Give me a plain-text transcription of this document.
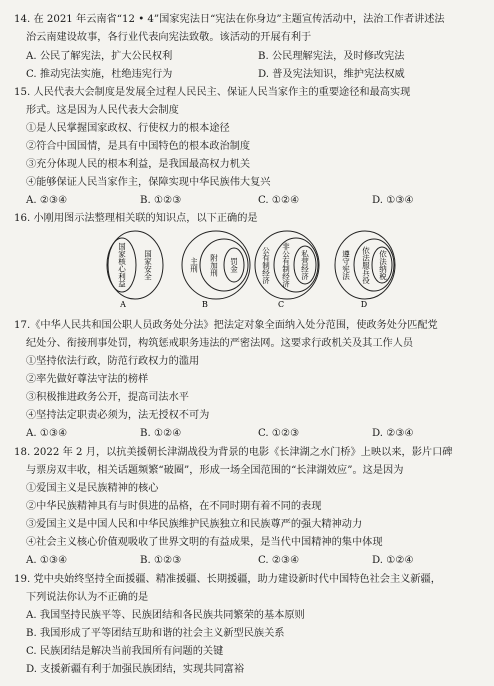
14. 在 2021 年云南省“12 • 4”国家宪法日“宪法在你身边”主题宣传活动中，法治工作者讲述法
治云南建设故事，各行业代表向宪法致敬。该活动的开展有利于
A. 公民了解宪法，扩大公民权利	B. 公民理解宪法，及时修改宪法
C. 推动宪法实施，杜绝违宪行为	D. 普及宪法知识，维护宪法权威
15. 人民代表大会制度是发展全过程人民民主、保证人民当家作主的重要途径和最高实现
形式。这是因为人民代表大会制度
①是人民掌握国家政权、行使权力的根本途径
②符合中国国情，是具有中国特色的根本政治制度
③充分体现人民的根本利益，是我国最高权力机关
④能够保证人民当家作主，保障实现中华民族伟大复兴
A. ②③④	B. ①②③	C. ①②④	D. ①③④
16. 小刚用图示法整理相关联的知识点，以下正确的是
国家安全
国家核心利益
A
主刑 附加刑 罚金
B
公有制经济 非公有制经济 私营经济
C
遵守宪法 依法服兵役 依法纳税
D
17.《中华人民共和国公职人员政务处分法》把法定对象全面纳入处分范围，使政务处分匹配党
纪处分、衔接刑事处罚，构筑惩戒职务违法的严密法网。这要求行政机关及其工作人员
①坚持依法行政，防范行政权力的滥用
②率先做好尊法守法的榜样
③积极推进政务公开，提高司法水平
④坚持法定职责必须为，法无授权不可为
A. ①③④	B. ①②④	C. ①②③	D. ②③④
18. 2022 年 2 月，以抗美援朝长津湖战役为背景的电影《长津湖之水门桥》上映以来，影片口碑
与票房双丰收，相关话题频繁“破圈”，形成一场全国范围的“长津湖效应”。这是因为
①爱国主义是民族精神的核心
②中华民族精神具有与时俱进的品格，在不同时期有着不同的表现
③爱国主义是中国人民和中华民族维护民族独立和民族尊严的强大精神动力
④社会主义核心价值观吸收了世界文明的有益成果，是当代中国精神的集中体现
A. ①③④	B. ①②③	C. ②③④	D. ①②④
19. 党中央始终坚持全面援疆、精准援疆、长期援疆，助力建设新时代中国特色社会主义新疆，
下列说法你认为不正确的是
A. 我国坚持民族平等、民族团结和各民族共同繁荣的基本原则
B. 我国形成了平等团结互助和谐的社会主义新型民族关系
C. 民族团结是解决当前我国所有问题的关键
D. 支援新疆有利于加强民族团结，实现共同富裕
